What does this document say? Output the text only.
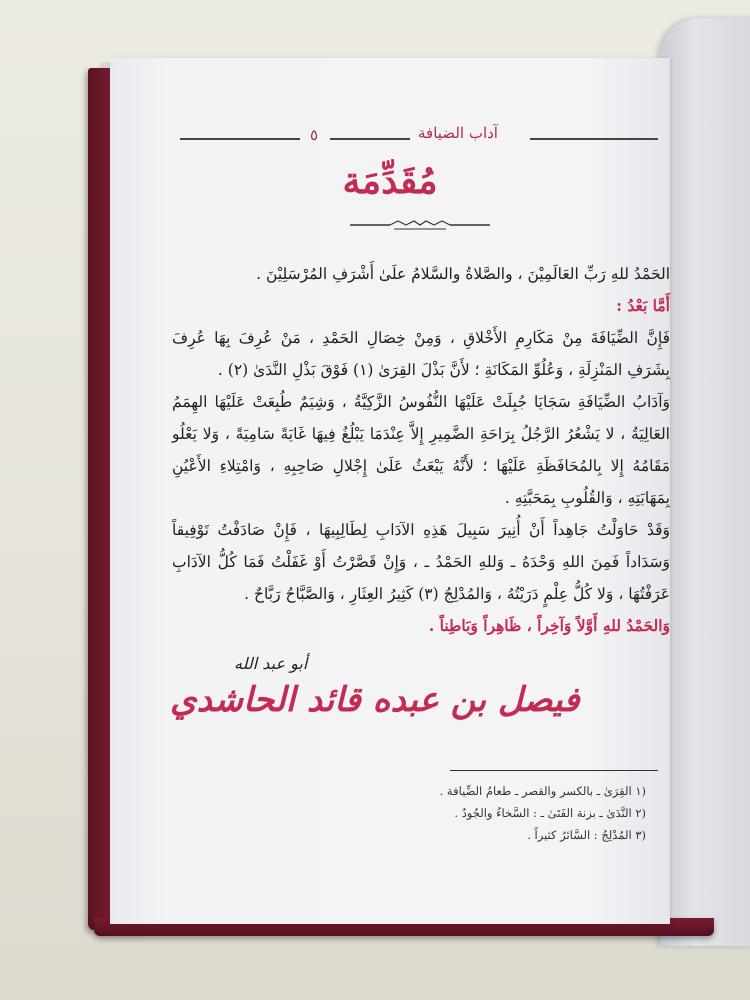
٥	آداب الضيافة
مُقَدِّمَة

الحَمْدُ للهِ رَبِّ العَالَمِيْنَ ، والصَّلاةُ والسَّلامُ علَىٰ أَشْرَفِ المُرْسَلِيْنَ .

أَمَّا بَعْدُ :

فَإِنَّ الضِّيَافَةَ مِنْ مَكَارِمِ الأَخْلاقِ ، وَمِنْ خِصَالِ الحَمْدِ ، مَنْ عُرِفَ بِهَا عُرِفَ بِشَرَفِ المَنْزِلَةِ ، وَعُلُوِّ المَكَانَةِ ؛ لأَنَّ بَذْلَ القِرَىٰ (١) فَوْقَ بَذْلِ النَّدَىٰ (٢) .

وَآدَابُ الضِّيَافَةِ سَجَايَا جُبِلَتْ عَلَيْهَا النُّفُوسُ الزَّكِيَّةُ ، وَشِيَمٌ طُبِعَتْ عَلَيْهَا الهِمَمُ العَالِيَةُ ، لا يَشْعُرُ الرَّجُلُ بِرَاحَةِ الضَّمِيرِ إِلاَّ عِنْدَمَا يَبْلُغُ فِيهَا غَايَةً سَامِيَةً ، وَلا يَعْلُو مَقَامُهُ إِلا بِالمُحَافَظَةِ عَلَيْهَا ؛ لأَنَّهُ يَبْعَثُ عَلَىٰ إِجْلالِ صَاحِبِهِ ، وَامْتِلاءِ الأَعْيُنِ بِمَهَابَتِهِ ، وَالقُلُوبِ بِمَحَبَّتِهِ .

وَقَدْ حَاوَلْتُ جَاهِداً أَنْ أُنِيرَ سَبِيلَ هَذِهِ الآدَابِ لِطَالِبِيهَا ، فَإِنْ صَادَفْتُ تَوْفِيقاً وَسَدَاداً فَمِنَ اللهِ وَحْدَهُ ـ وَللهِ الحَمْدُ ـ ، وَإِنْ قَصَّرْتُ أَوْ غَفَلْتُ فَمَا كُلُّ الآدَابِ عَرَفْتُهَا ، وَلا كُلُّ عِلْمٍ دَرَيْتُهُ ، وَالمُدْلِجُ (٣) كَثِيرُ العِثَارِ ، وَالصَّبَّاحُ رَبَّاحٌ .

وَالحَمْدُ للهِ أَوَّلاً وَآخِراً ، ظَاهِراً وَبَاطِناً .

أبو عبد الله
فيصل بن عبده قائد الحاشدي
(١ القِرَىٰ ـ بالكسر والقصر ـ طعامُ الضِّيافة .
(٢ النَّدَىٰ ـ بزنة الفَتَىٰ ـ : السَّخاءُ والجُودُ .
(٣ المُدْلِجُ : السَّائرُ كثيراً .
